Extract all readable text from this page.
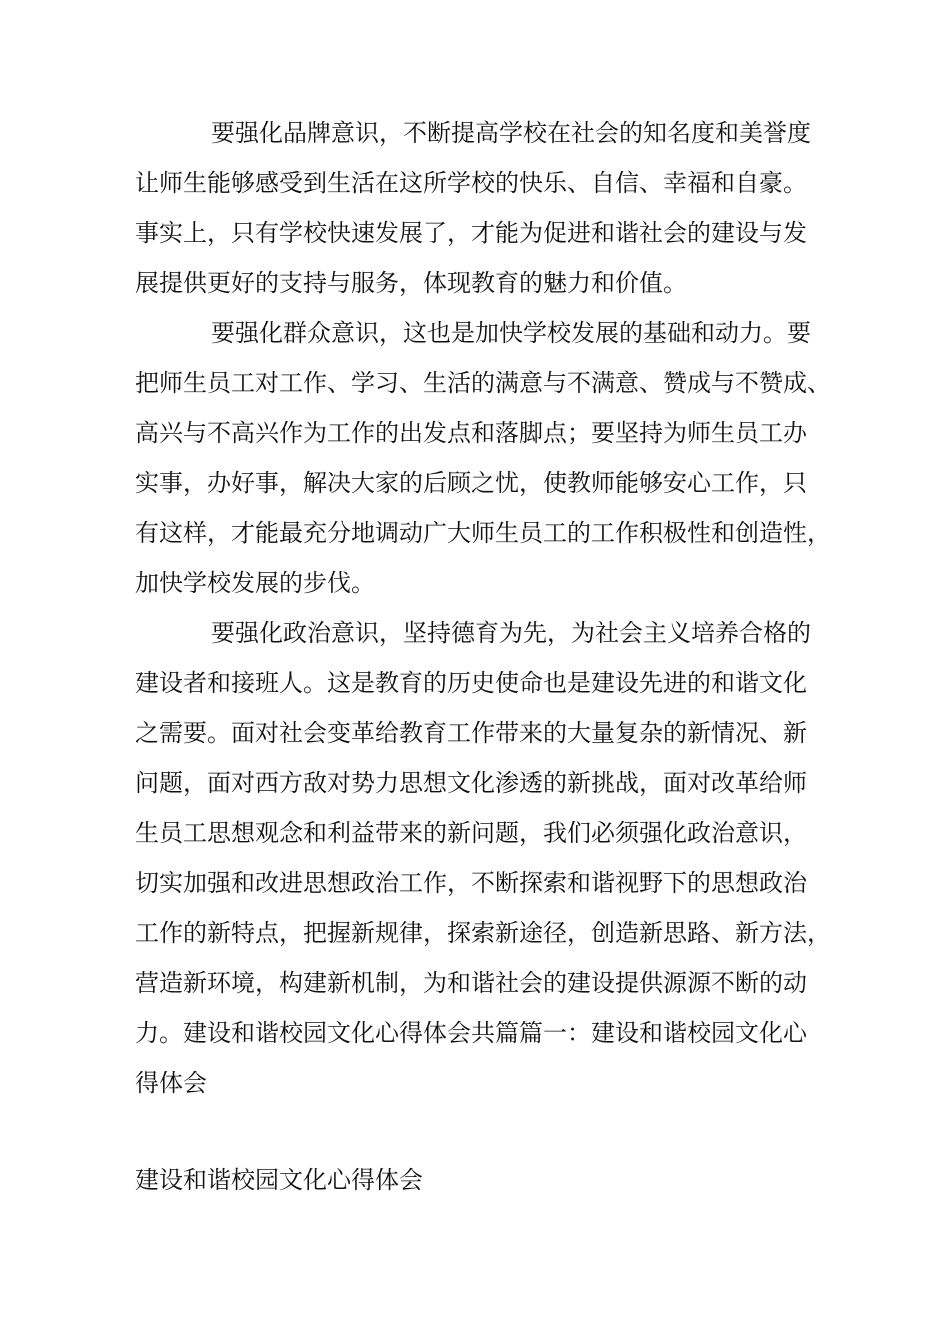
要强化品牌意识，不断提高学校在社会的知名度和美誉度
让师生能够感受到生活在这所学校的快乐、自信、幸福和自豪。
事实上，只有学校快速发展了，才能为促进和谐社会的建设与发
展提供更好的支持与服务，体现教育的魅力和价值。
要强化群众意识，这也是加快学校发展的基础和动力。要
把师生员工对工作、学习、生活的满意与不满意、赞成与不赞成、
高兴与不高兴作为工作的出发点和落脚点；要坚持为师生员工办
实事，办好事，解决大家的后顾之忧，使教师能够安心工作，只
有这样，才能最充分地调动广大师生员工的工作积极性和创造性，
加快学校发展的步伐。
要强化政治意识，坚持德育为先，为社会主义培养合格的
建设者和接班人。这是教育的历史使命也是建设先进的和谐文化
之需要。面对社会变革给教育工作带来的大量复杂的新情况、新
问题，面对西方敌对势力思想文化渗透的新挑战，面对改革给师
生员工思想观念和利益带来的新问题，我们必须强化政治意识，
切实加强和改进思想政治工作，不断探索和谐视野下的思想政治
工作的新特点，把握新规律，探索新途径，创造新思路、新方法，
营造新环境，构建新机制，为和谐社会的建设提供源源不断的动
力。建设和谐校园文化心得体会共篇篇一：建设和谐校园文化心
得体会
建设和谐校园文化心得体会
